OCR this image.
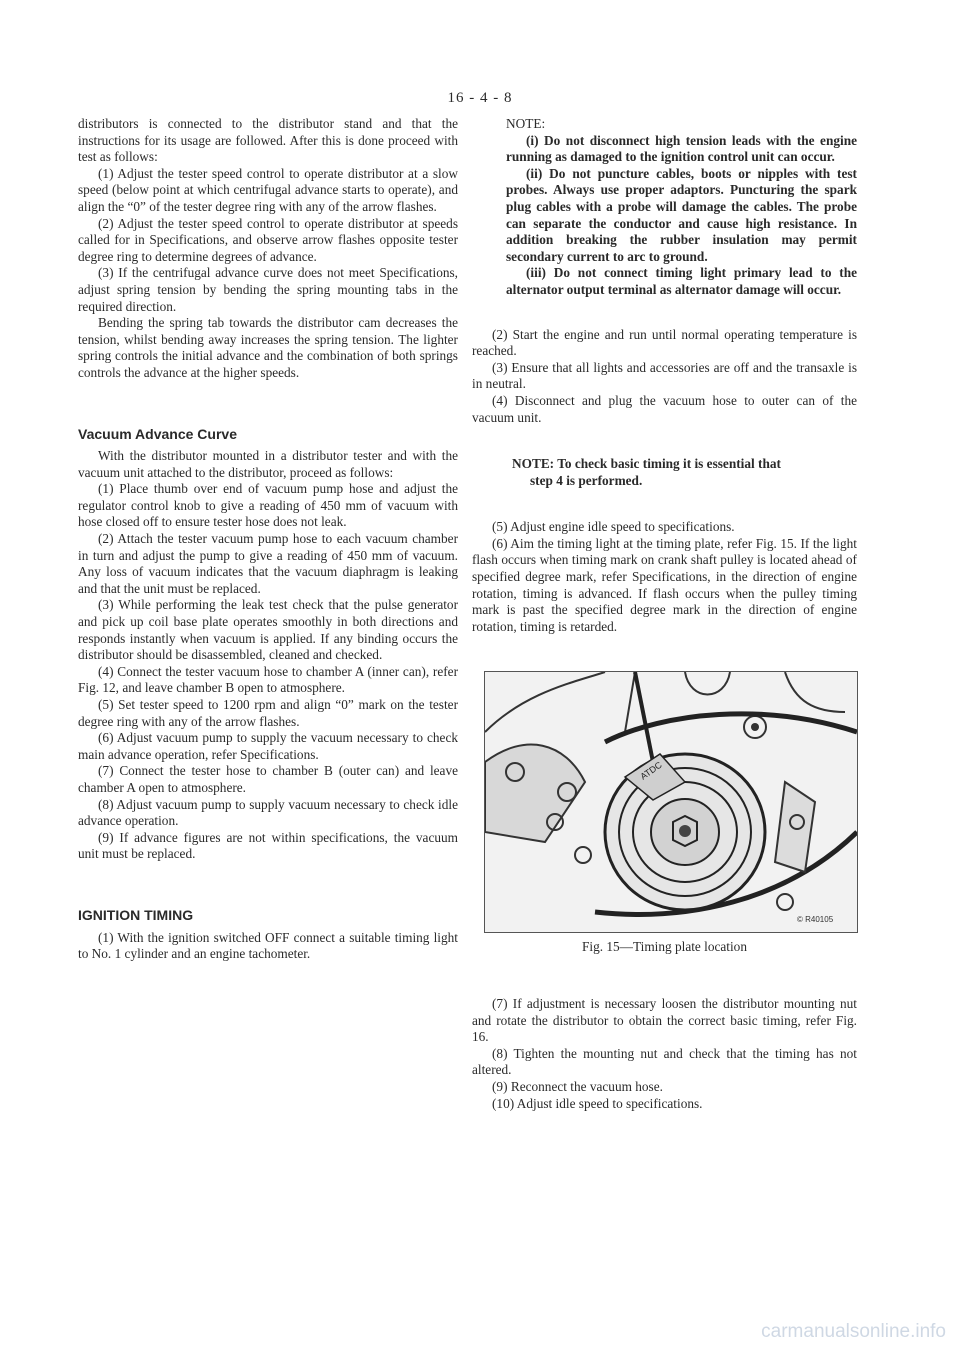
16 - 4 - 8

distributors is connected to the distributor stand and that the instructions for its usage are followed. After this is done proceed with test as follows:

(1) Adjust the tester speed control to operate distributor at a slow speed (below point at which centrifugal advance starts to operate), and align the “0” of the tester degree ring with any of the arrow flashes.

(2) Adjust the tester speed control to operate distributor at speeds called for in Specifications, and observe arrow flashes opposite tester degree ring to determine degrees of advance.

(3) If the centrifugal advance curve does not meet Specifications, adjust spring tension by bending the spring mounting tabs in the required direction.

Bending the spring tab towards the distributor cam decreases the tension, whilst bending away increases the spring tension. The lighter spring controls the initial advance and the combination of both springs controls the advance at the higher speeds.

Vacuum Advance Curve

With the distributor mounted in a distributor tester and with the vacuum unit attached to the distributor, proceed as follows:

(1) Place thumb over end of vacuum pump hose and adjust the regulator control knob to give a reading of 450 mm of vacuum with hose closed off to ensure tester hose does not leak.

(2) Attach the tester vacuum pump hose to each vacuum chamber in turn and adjust the pump to give a reading of 450 mm of vacuum. Any loss of vacuum indicates that the vacuum diaphragm is leaking and that the unit must be replaced.

(3) While performing the leak test check that the pulse generator and pick up coil base plate operates smoothly in both directions and responds instantly when vacuum is applied. If any binding occurs the distributor should be disassembled, cleaned and checked.

(4) Connect the tester vacuum hose to chamber A (inner can), refer Fig. 12, and leave chamber B open to atmosphere.

(5) Set tester speed to 1200 rpm and align “0” mark on the tester degree ring with any of the arrow flashes.

(6) Adjust vacuum pump to supply the vacuum necessary to check main advance operation, refer Specifications.

(7) Connect the tester hose to chamber B (outer can) and leave chamber A open to atmosphere.

(8) Adjust vacuum pump to supply vacuum necessary to check idle advance operation.

(9) If advance figures are not within specifications, the vacuum unit must be replaced.

IGNITION TIMING

(1) With the ignition switched OFF connect a suitable timing light to No. 1 cylinder and an engine tachometer.

NOTE:

(i) Do not disconnect high tension leads with the engine running as damaged to the ignition control unit can occur.

(ii) Do not puncture cables, boots or nipples with test probes. Always use proper adaptors. Puncturing the spark plug cables with a probe will damage the cables. The probe can separate the conductor and cause high resistance. In addition breaking the rubber insulation may permit secondary current to arc to ground.

(iii) Do not connect timing light primary lead to the alternator output terminal as alternator damage will occur.

(2) Start the engine and run until normal operating temperature is reached.

(3) Ensure that all lights and accessories are off and the transaxle is in neutral.

(4) Disconnect and plug the vacuum hose to outer can of the vacuum unit.

NOTE: To check basic timing it is essential that
step 4 is performed.

(5) Adjust engine idle speed to specifications.

(6) Aim the timing light at the timing plate, refer Fig. 15. If the light flash occurs when timing mark on crank shaft pulley is located ahead of specified degree mark, refer Specifications, in the direction of engine rotation, timing is advanced. If flash occurs when the pulley timing mark is past the specified degree mark in the direction of engine rotation, timing is retarded.

ATDC
© R40105
Fig. 15—Timing plate location

(7) If adjustment is necessary loosen the distributor mounting nut and rotate the distributor to obtain the correct basic timing, refer Fig. 16.

(8) Tighten the mounting nut and check that the timing has not altered.

(9) Reconnect the vacuum hose.

(10) Adjust idle speed to specifications.

carmanualsonline.info
